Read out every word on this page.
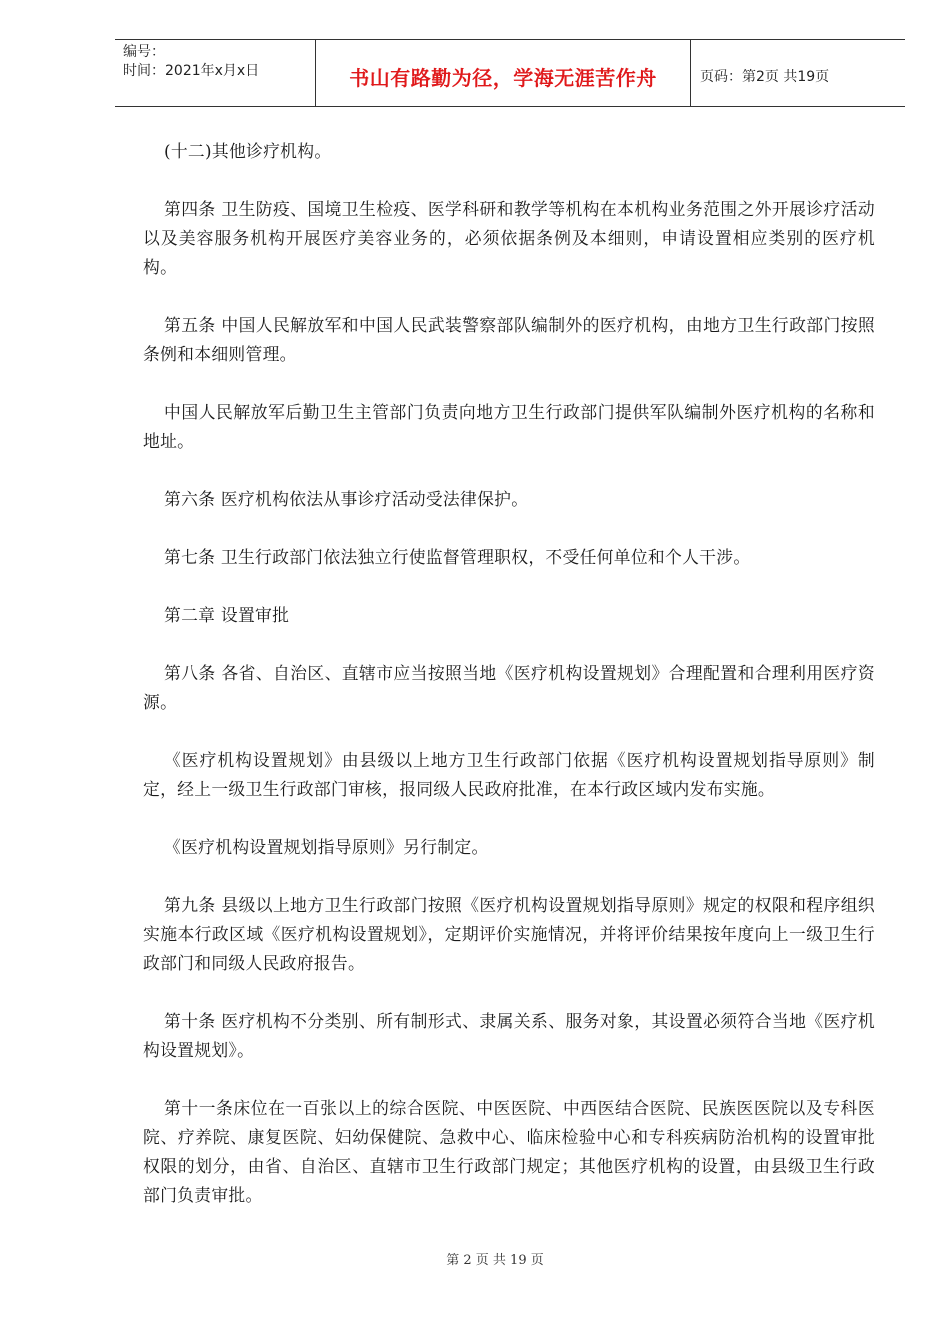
编号：
时间：2021年x月x日	书山有路勤为径，学海无涯苦作舟	页码：第2页 共19页

(十二)其他诊疗机构。

第四条 卫生防疫、国境卫生检疫、医学科研和教学等机构在本机构业务范围之外开展诊疗活动以及美容服务机构开展医疗美容业务的，必须依据条例及本细则，申请设置相应类别的医疗机构。

第五条 中国人民解放军和中国人民武装警察部队编制外的医疗机构，由地方卫生行政部门按照条例和本细则管理。

中国人民解放军后勤卫生主管部门负责向地方卫生行政部门提供军队编制外医疗机构的名称和地址。

第六条 医疗机构依法从事诊疗活动受法律保护。

第七条 卫生行政部门依法独立行使监督管理职权，不受任何单位和个人干涉。

第二章 设置审批

第八条 各省、自治区、直辖市应当按照当地《医疗机构设置规划》合理配置和合理利用医疗资源。

《医疗机构设置规划》由县级以上地方卫生行政部门依据《医疗机构设置规划指导原则》制定，经上一级卫生行政部门审核，报同级人民政府批准，在本行政区域内发布实施。

《医疗机构设置规划指导原则》另行制定。

第九条 县级以上地方卫生行政部门按照《医疗机构设置规划指导原则》规定的权限和程序组织实施本行政区域《医疗机构设置规划》，定期评价实施情况，并将评价结果按年度向上一级卫生行政部门和同级人民政府报告。

第十条 医疗机构不分类别、所有制形式、隶属关系、服务对象，其设置必须符合当地《医疗机构设置规划》。

第十一条床位在一百张以上的综合医院、中医医院、中西医结合医院、民族医医院以及专科医院、疗养院、康复医院、妇幼保健院、急救中心、临床检验中心和专科疾病防治机构的设置审批权限的划分，由省、自治区、直辖市卫生行政部门规定；其他医疗机构的设置，由县级卫生行政部门负责审批。

第 2 页 共 19 页
